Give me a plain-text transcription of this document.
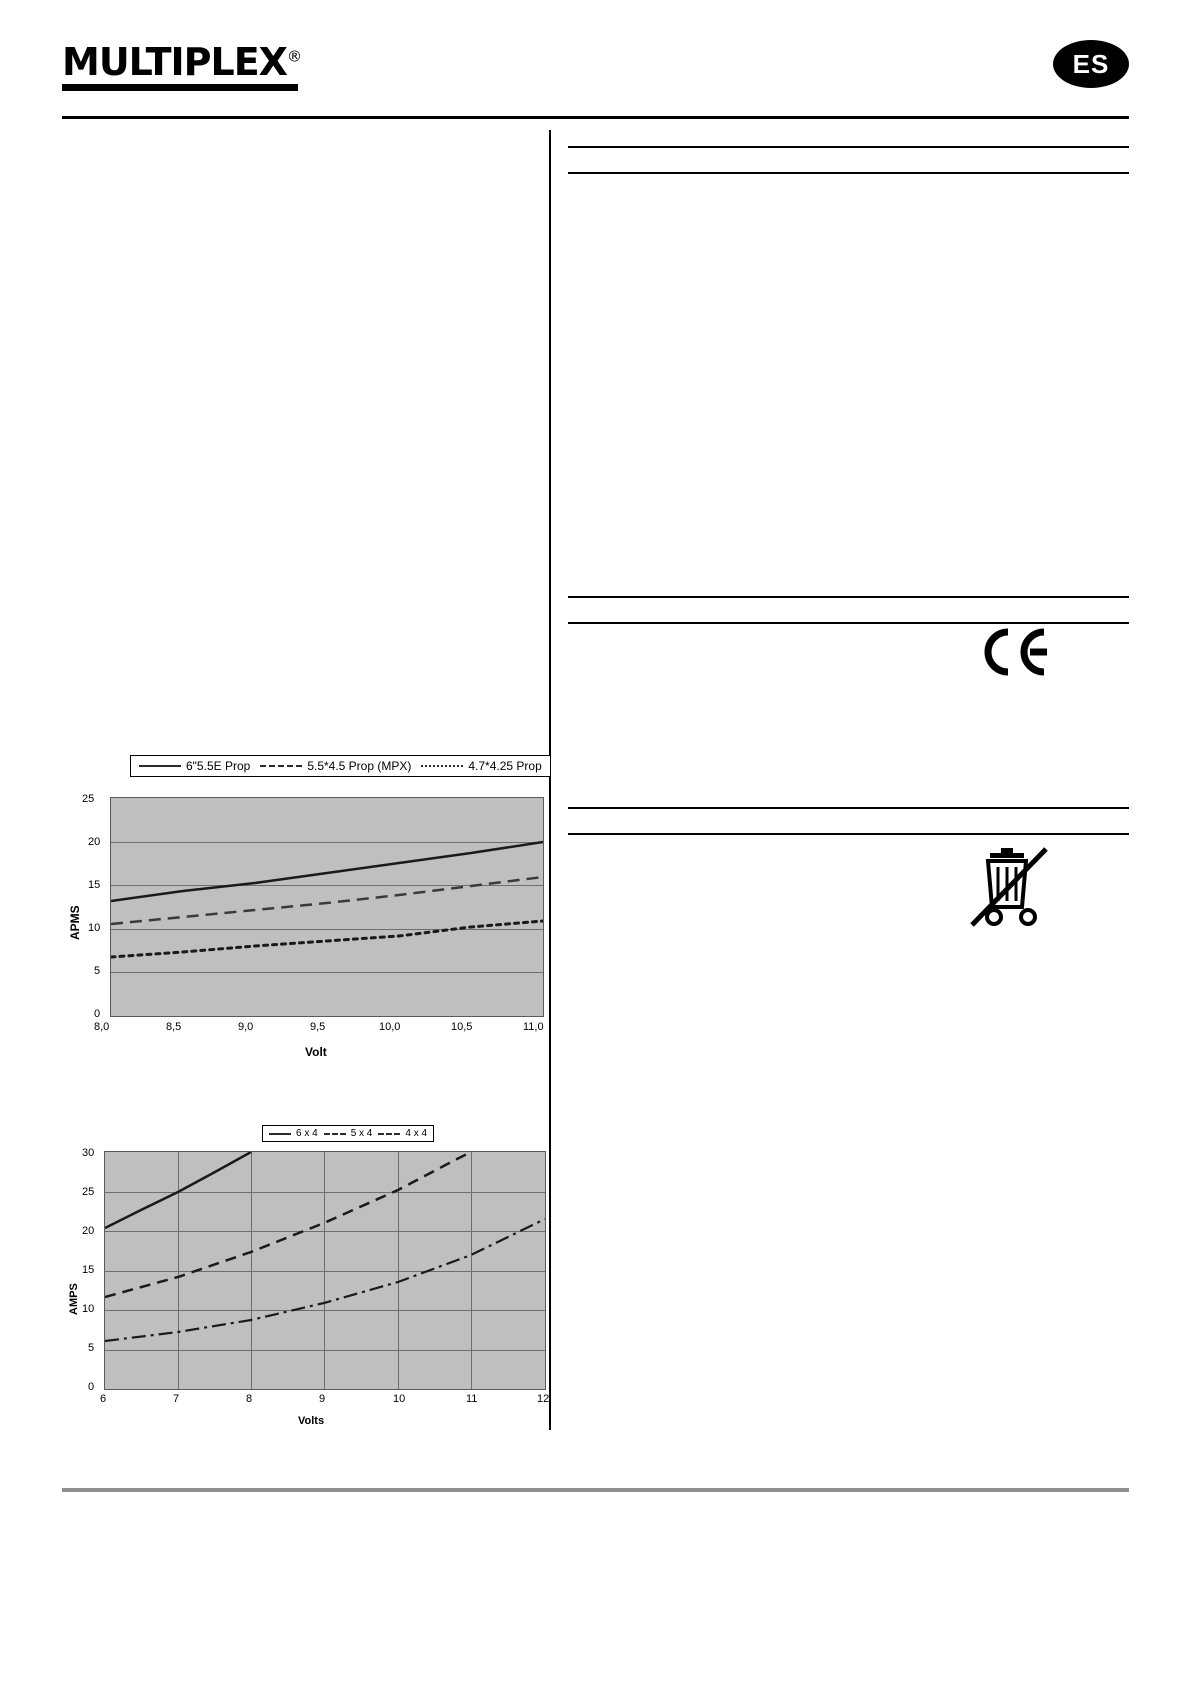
MULTIPLEX®	ES
6"5.5E Prop	5.5*4.5 Prop (MPX)	4.7*4.25 Prop
APMS
25
20
15
10
5
0
8,0	8,5	9,0	9,5	10,0	10,5	11,0
Volt
6 x 4	5 x 4	4 x 4
AMPS
30
25
20
15
10
5
0
6	7	8	9	10	11	12
Volts
